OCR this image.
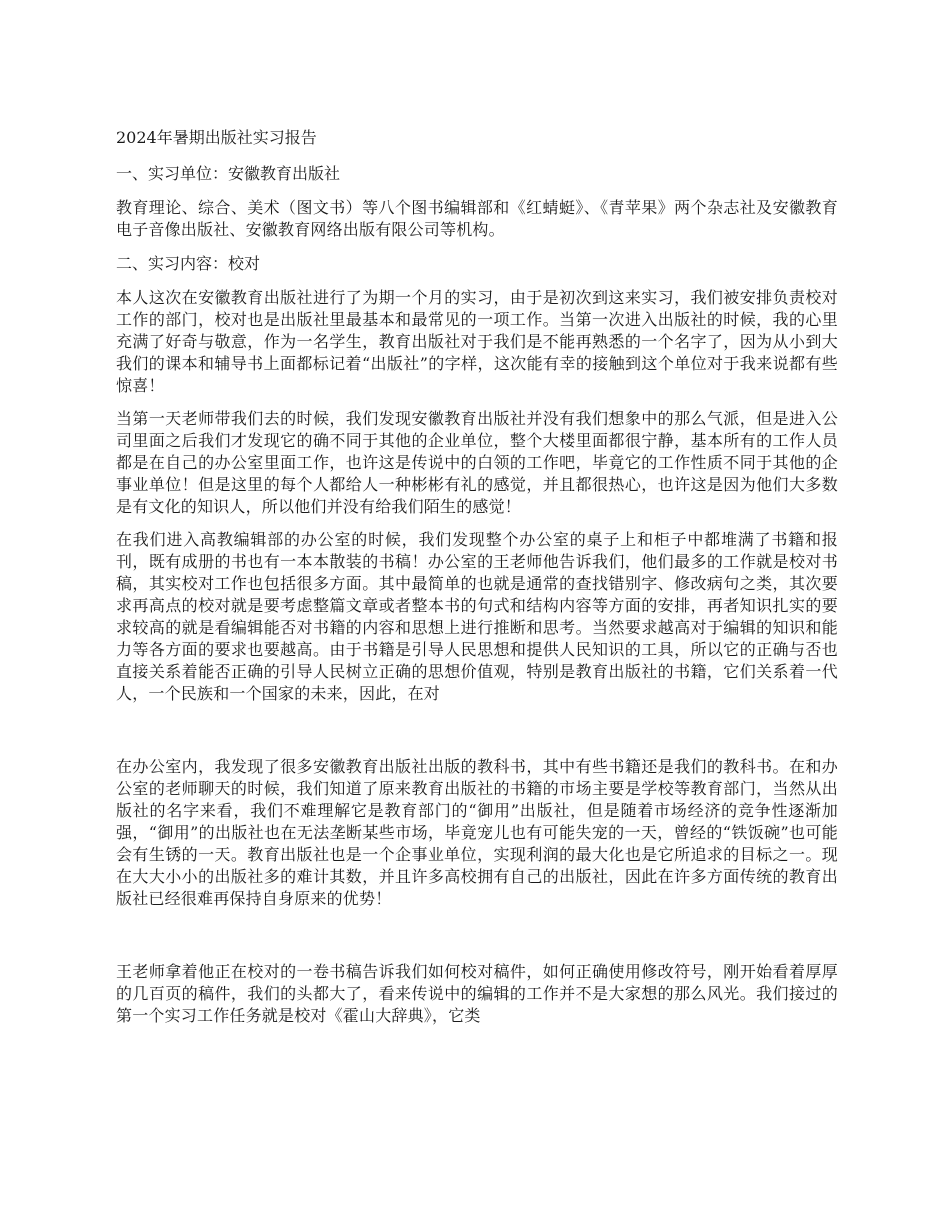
2024年暑期出版社实习报告
一、实习单位：安徽教育出版社

教育理论、综合、美术（图文书）等八个图书编辑部和《红蜻蜓》、《青苹果》两个杂志社及安徽教育电子音像出版社、安徽教育网络出版有限公司等机构。

二、实习内容：校对

本人这次在安徽教育出版社进行了为期一个月的实习，由于是初次到这来实习，我们被安排负责校对工作的部门，校对也是出版社里最基本和最常见的一项工作。当第一次进入出版社的时候，我的心里充满了好奇与敬意，作为一名学生，教育出版社对于我们是不能再熟悉的一个名字了，因为从小到大我们的课本和辅导书上面都标记着“出版社”的字样，这次能有幸的接触到这个单位对于我来说都有些惊喜！

当第一天老师带我们去的时候，我们发现安徽教育出版社并没有我们想象中的那么气派，但是进入公司里面之后我们才发现它的确不同于其他的企业单位，整个大楼里面都很宁静，基本所有的工作人员都是在自己的办公室里面工作，也许这是传说中的白领的工作吧，毕竟它的工作性质不同于其他的企事业单位！但是这里的每个人都给人一种彬彬有礼的感觉，并且都很热心，也许这是因为他们大多数是有文化的知识人，所以他们并没有给我们陌生的感觉！

在我们进入高教编辑部的办公室的时候，我们发现整个办公室的桌子上和柜子中都堆满了书籍和报刊，既有成册的书也有一本本散装的书稿！办公室的王老师他告诉我们，他们最多的工作就是校对书稿，其实校对工作也包括很多方面。其中最简单的也就是通常的查找错别字、修改病句之类，其次要求再高点的校对就是要考虑整篇文章或者整本书的句式和结构内容等方面的安排，再者知识扎实的要求较高的就是看编辑能否对书籍的内容和思想上进行推断和思考。当然要求越高对于编辑的知识和能力等各方面的要求也要越高。由于书籍是引导人民思想和提供人民知识的工具，所以它的正确与否也直接关系着能否正确的引导人民树立正确的思想价值观，特别是教育出版社的书籍，它们关系着一代人，一个民族和一个国家的未来，因此，在对

在办公室内，我发现了很多安徽教育出版社出版的教科书，其中有些书籍还是我们的教科书。在和办公室的老师聊天的时候，我们知道了原来教育出版社的书籍的市场主要是学校等教育部门，当然从出版社的名字来看，我们不难理解它是教育部门的“御用”出版社，但是随着市场经济的竞争性逐渐加强，“御用”的出版社也在无法垄断某些市场，毕竟宠儿也有可能失宠的一天，曾经的“铁饭碗”也可能会有生锈的一天。教育出版社也是一个企事业单位，实现利润的最大化也是它所追求的目标之一。现在大大小小的出版社多的难计其数，并且许多高校拥有自己的出版社，因此在许多方面传统的教育出版社已经很难再保持自身原来的优势！

王老师拿着他正在校对的一卷书稿告诉我们如何校对稿件，如何正确使用修改符号，刚开始看着厚厚的几百页的稿件，我们的头都大了，看来传说中的编辑的工作并不是大家想的那么风光。我们接过的第一个实习工作任务就是校对《霍山大辞典》，它类
